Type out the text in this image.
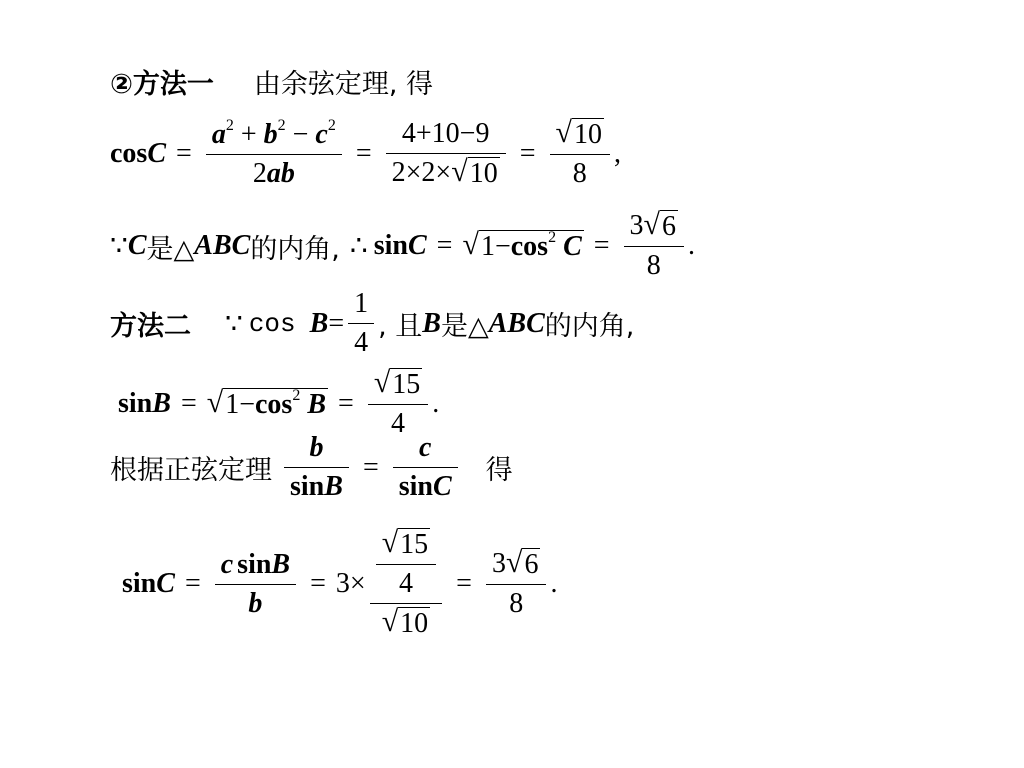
②方法一 由余弦定理, 得
$\cos C = \frac{a^2 + b^2 - c^2}{2ab} = \frac{4+10-9}{2\times 2\times √ 10} = \frac{√ 10}{8}$ ,
∵ C 是△ ABC 的内角, ∴ sin C = √ $1-\cos^2$ $C = \frac{3 √ 6}{8}$ .
方法二 ∵ $\cos B = \frac{1}{4}$ , 且 B 是△ ABC 的内角,
sin B = √ $1-\cos^2$ $B = \frac{√ 15}{4}$ .
根据正弦定理 $\frac{b}{\sin B} = \frac{c}{\sin C}$ 得
$\sin C = \frac{\text{c sinB}}{b} = 3\times \frac{\frac{√ 15}{4}}{√ 10} = \frac{3 √ 6}{8}$ .
